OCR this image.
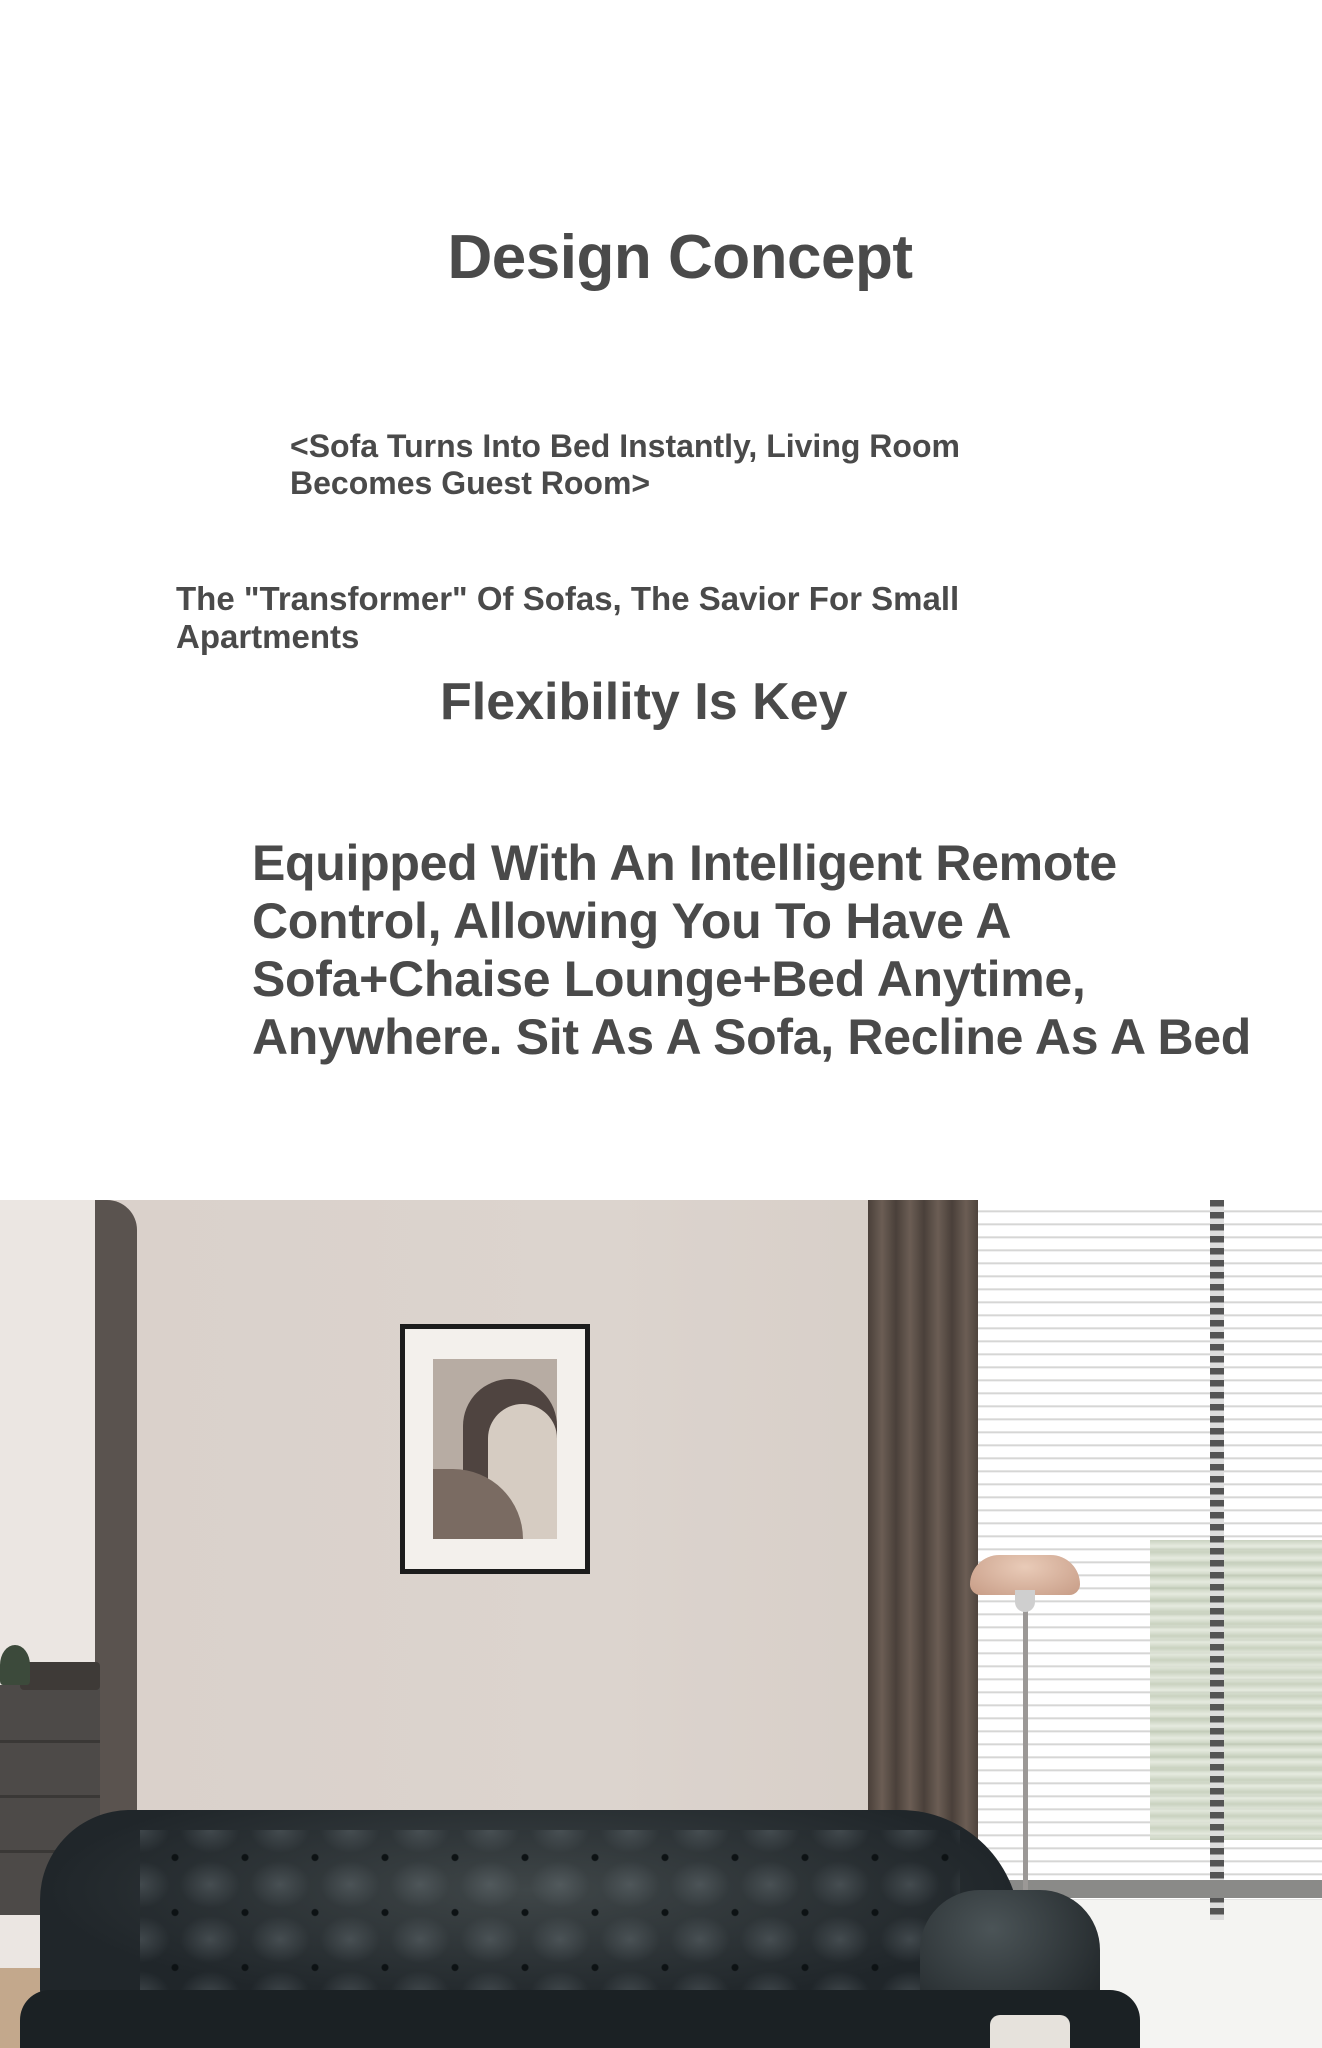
Design Concept

<Sofa Turns Into Bed Instantly, Living Room Becomes Guest Room>

The "Transformer" Of Sofas, The Savior For Small Apartments

Flexibility Is Key

Equipped With An Intelligent Remote Control, Allowing You To Have A Sofa+Chaise Lounge+Bed Anytime, Anywhere. Sit As A Sofa, Recline As A Bed
